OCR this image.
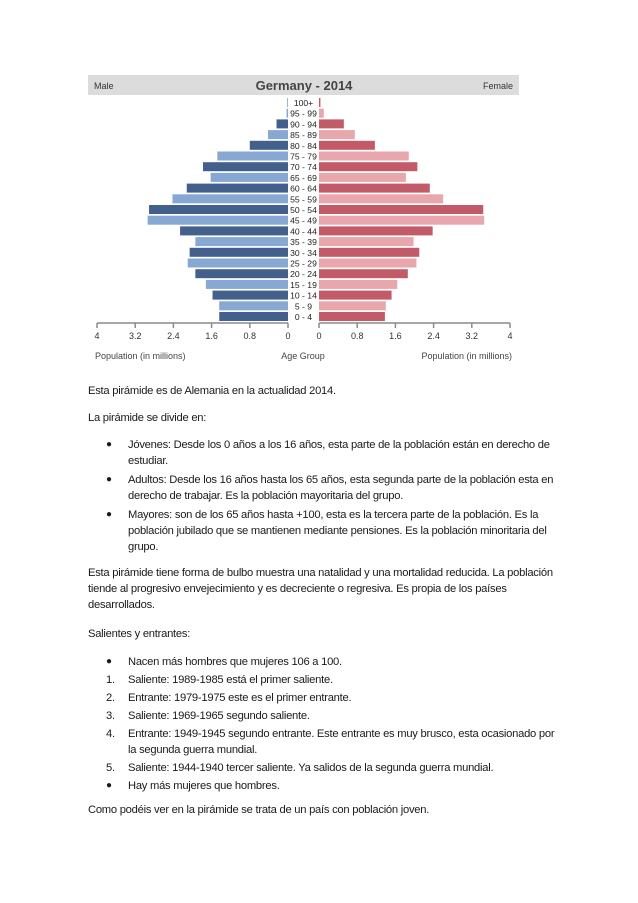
Male	Germany - 2014	Female
100+
95 - 99
90 - 94
85 - 89
80 - 84
75 - 79
70 - 74
65 - 69
60 - 64
55 - 59
50 - 54
45 - 49
40 - 44
35 - 39
30 - 34
25 - 29
20 - 24
15 - 19
10 - 14
5 - 9
0 - 4
4	3.2	2.4	1.6	0.8	0	0	0.8	1.6	2.4	3.2	4
Population (in millions)	Age Group	Population (in millions)

Esta pirámide es de Alemania en la actualidad 2014.

La pirámide se divide en:

● Jóvenes: Desde los 0 años a los 16 años, esta parte de la población están en derecho de estudiar.
● Adultos: Desde los 16 años hasta los 65 años, esta segunda parte de la población esta en derecho de trabajar. Es la población mayoritaria del grupo.
● Mayores: son de los 65 años hasta +100, esta es la tercera parte de la población. Es la población jubilado que se mantienen mediante pensiones. Es la población minoritaria del grupo.

Esta pirámide tiene forma de bulbo muestra una natalidad y una mortalidad reducida. La población tiende al progresivo envejecimiento y es decreciente o regresiva. Es propia de los países desarrollados.

Salientes y entrantes:

● Nacen más hombres que mujeres 106 a 100.
1. Saliente: 1989-1985 está el primer saliente.
2. Entrante: 1979-1975 este es el primer entrante.
3. Saliente: 1969-1965 segundo saliente.
4. Entrante: 1949-1945 segundo entrante. Este entrante es muy brusco, esta ocasionado por la segunda guerra mundial.
5. Saliente: 1944-1940 tercer saliente. Ya salidos de la segunda guerra mundial.
● Hay más mujeres que hombres.

Como podéis ver en la pirámide se trata de un país con población joven.
